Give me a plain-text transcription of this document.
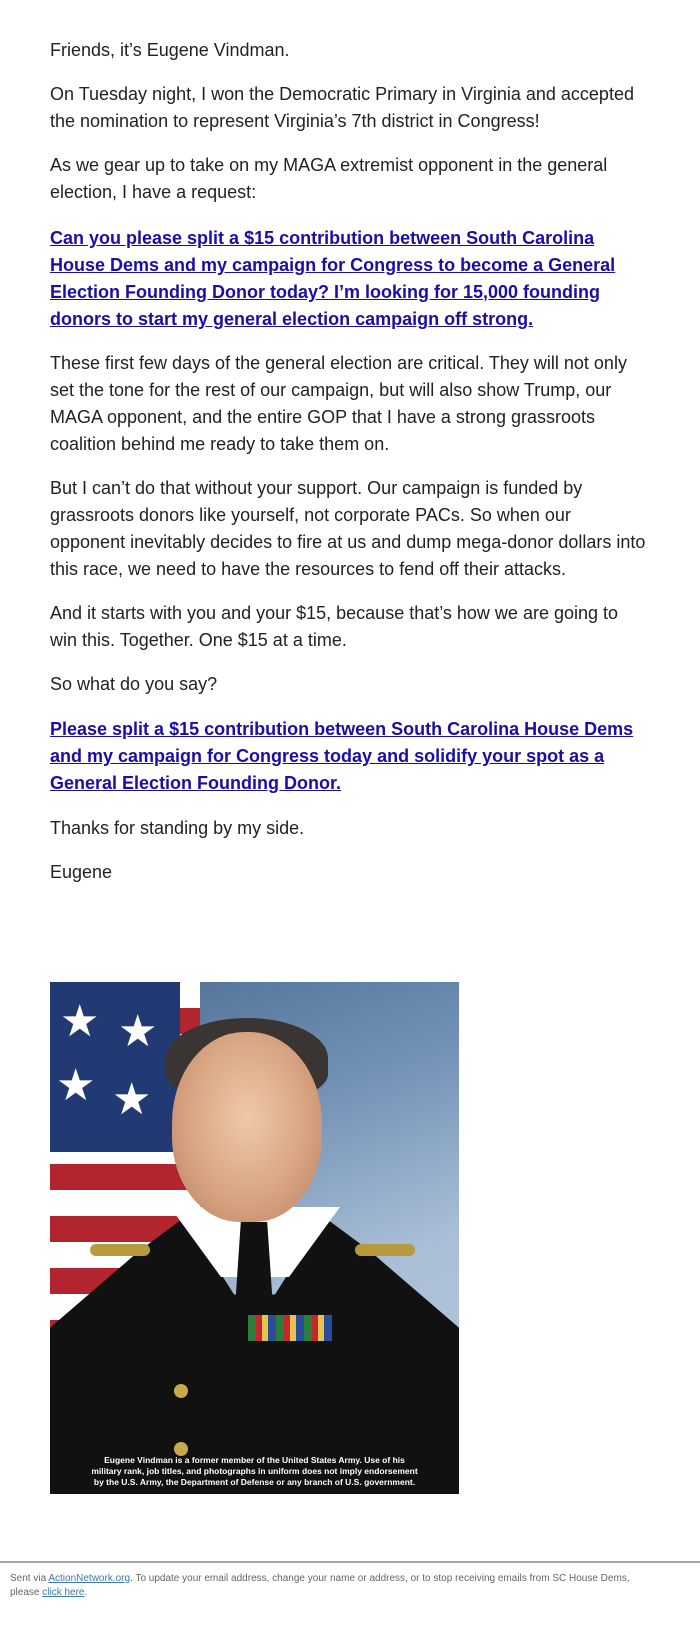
Friends, it’s Eugene Vindman.

On Tuesday night, I won the Democratic Primary in Virginia and accepted the nomination to represent Virginia’s 7th district in Congress!

As we gear up to take on my MAGA extremist opponent in the general election, I have a request:

Can you please split a $15 contribution between South Carolina House Dems and my campaign for Congress to become a General Election Founding Donor today? I’m looking for 15,000 founding donors to start my general election campaign off strong.

These first few days of the general election are critical. They will not only set the tone for the rest of our campaign, but will also show Trump, our MAGA opponent, and the entire GOP that I have a strong grassroots coalition behind me ready to take them on.

But I can’t do that without your support. Our campaign is funded by grassroots donors like yourself, not corporate PACs. So when our opponent inevitably decides to fire at us and dump mega-donor dollars into this race, we need to have the resources to fend off their attacks.

And it starts with you and your $15, because that’s how we are going to win this. Together. One $15 at a time.

So what do you say?

Please split a $15 contribution between South Carolina House Dems and my campaign for Congress today and solidify your spot as a General Election Founding Donor.

Thanks for standing by my side.

Eugene

★ ★
★ ★
Eugene Vindman is a former member of the United States Army. Use of his
military rank, job titles, and photographs in uniform does not imply endorsement
by the U.S. Army, the Department of Defense or any branch of U.S. government.
Sent via ActionNetwork.org. To update your email address, change your name or address, or to stop receiving emails from SC House Dems, please click here.
